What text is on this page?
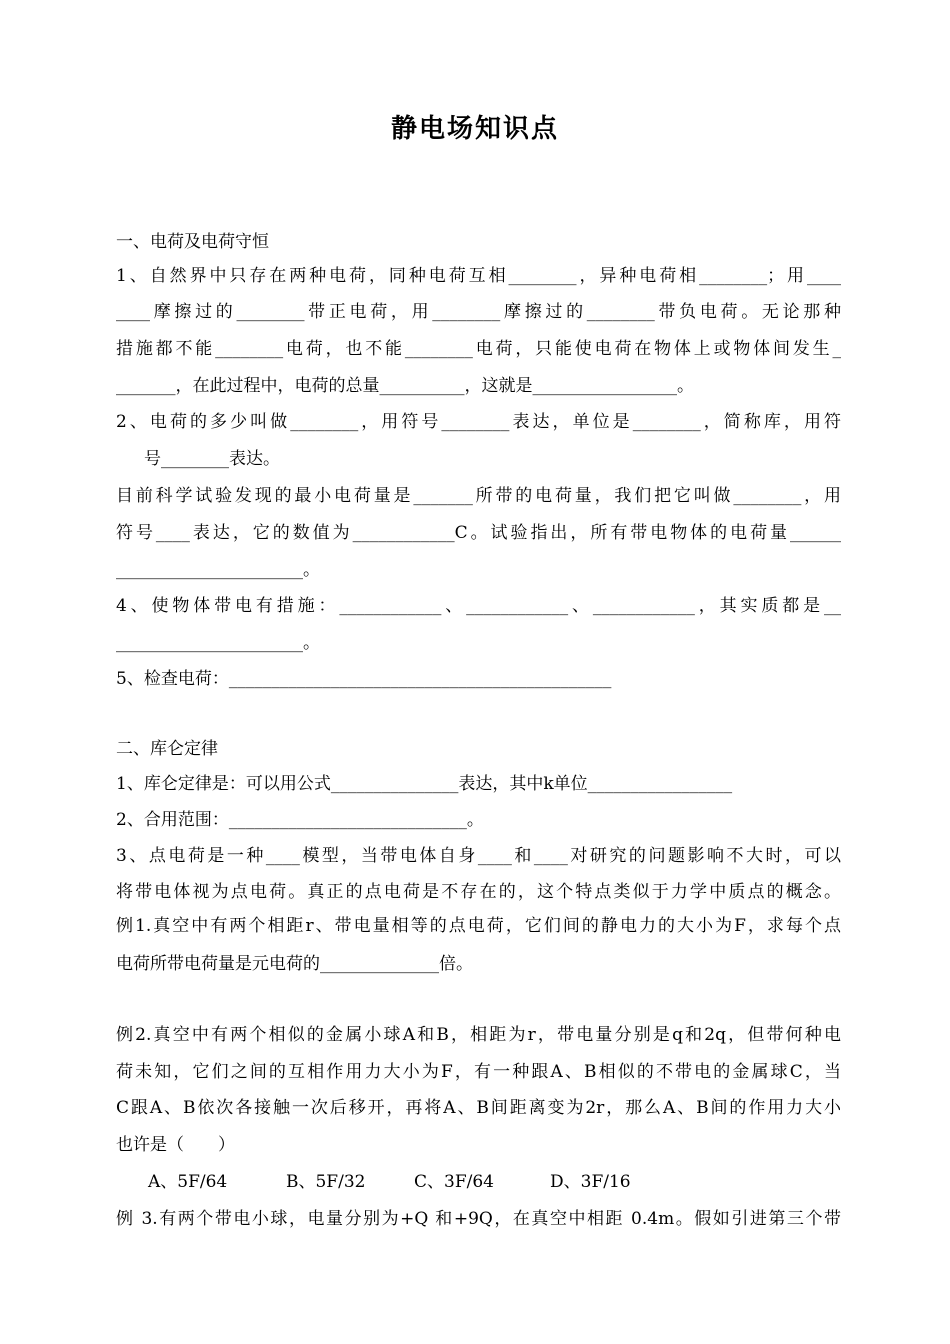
静电场知识点
一、电荷及电荷守恒
1、自然界中只存在两种电荷，同种电荷互相________，异种电荷相________；用____
____摩擦过的________带正电荷，用________摩擦过的________带负电荷。无论那种
措施都不能________电荷，也不能________电荷，只能使电荷在物体上或物体间发生_
_______，在此过程中，电荷的总量__________，这就是_________________。
2、电荷的多少叫做________，用符号________表达，单位是________，简称库，用符
号________表达。
目前科学试验发现的最小电荷量是_______所带的电荷量，我们把它叫做________，用
符号____表达，它的数值为____________C。试验指出，所有带电物体的电荷量______
______________________。
4、使物体带电有措施：____________、____________、____________，其实质都是__
______________________。
5、检查电荷：_____________________________________________
二、库仑定律
1、库仑定律是：可以用公式_______________表达，其中k单位_________________
2、合用范围：____________________________。
3、点电荷是一种____模型，当带电体自身____和____对研究的问题影响不大时，可以
将带电体视为点电荷。真正的点电荷是不存在的，这个特点类似于力学中质点的概念。
例1.真空中有两个相距r、带电量相等的点电荷，它们间的静电力的大小为F，求每个点
电荷所带电荷量是元电荷的______________倍。
例2.真空中有两个相似的金属小球A和B，相距为r，带电量分别是q和2q，但带何种电
荷未知，它们之间的互相作用力大小为F，有一种跟A、B相似的不带电的金属球C，当
C跟A、B依次各接触一次后移开，再将A、B间距离变为2r，那么A、B间的作用力大小
也许是（　　）
A、5F/64	B、5F/32	C、3F/64	D、3F/16
例 3.有两个带电小球，电量分别为+Q 和+9Q，在真空中相距 0.4m。假如引进第三个带
